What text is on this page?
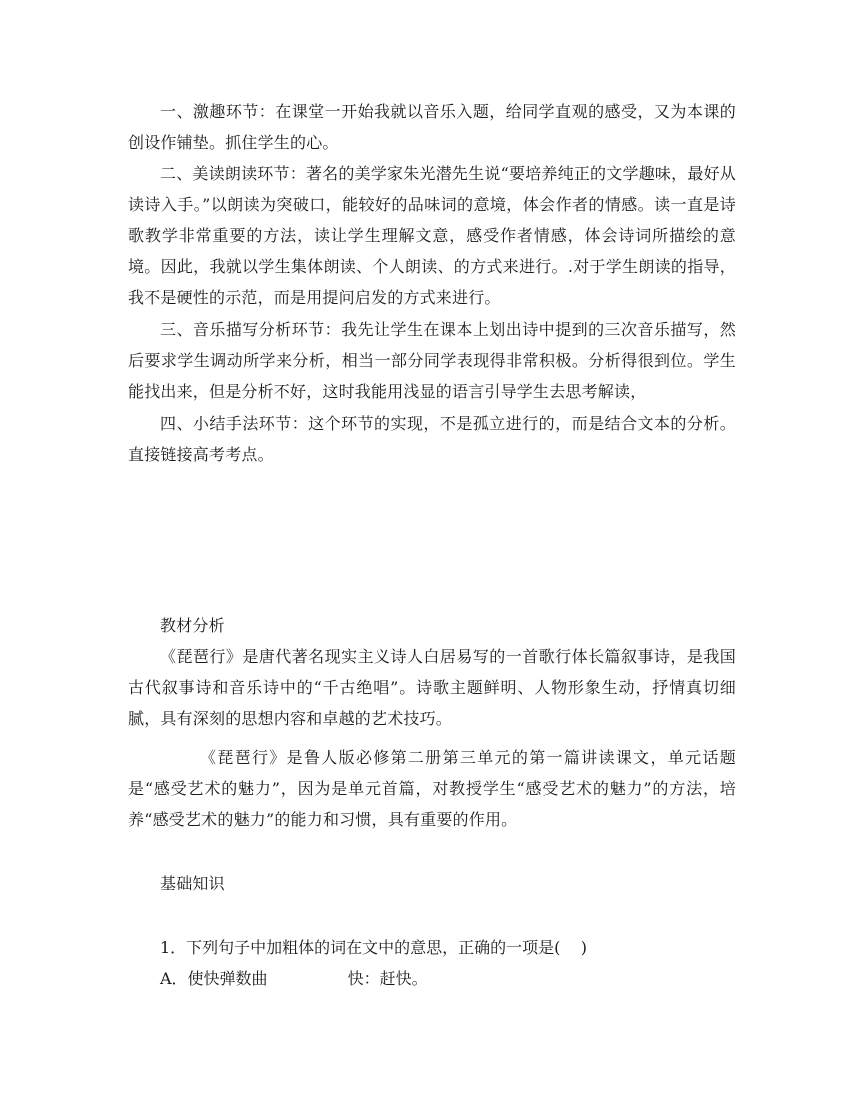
一、激趣环节：在课堂一开始我就以音乐入题，给同学直观的感受，又为本课的创设作铺垫。抓住学生的心。

二、美读朗读环节：著名的美学家朱光潜先生说“要培养纯正的文学趣味，最好从读诗入手。”以朗读为突破口，能较好的品味词的意境，体会作者的情感。读一直是诗歌教学非常重要的方法，读让学生理解文意，感受作者情感，体会诗词所描绘的意境。因此，我就以学生集体朗读、个人朗读、的方式来进行。.对于学生朗读的指导，我不是硬性的示范，而是用提问启发的方式来进行。

三、音乐描写分析环节：我先让学生在课本上划出诗中提到的三次音乐描写，然后要求学生调动所学来分析，相当一部分同学表现得非常积极。分析得很到位。学生能找出来，但是分析不好，这时我能用浅显的语言引导学生去思考解读，

四、小结手法环节：这个环节的实现，不是孤立进行的，而是结合文本的分析。直接链接高考考点。

教材分析

《琵琶行》是唐代著名现实主义诗人白居易写的一首歌行体长篇叙事诗，是我国古代叙事诗和音乐诗中的“千古绝唱”。诗歌主题鲜明、人物形象生动，抒情真切细腻，具有深刻的思想内容和卓越的艺术技巧。

《琵琶行》是鲁人版必修第二册第三单元的第一篇讲读课文，单元话题是“感受艺术的魅力”，因为是单元首篇，对教授学生“感受艺术的魅力”的方法，培养“感受艺术的魅力”的能力和习惯，具有重要的作用。

基础知识

1．下列句子中加粗体的词在文中的意思，正确的一项是(    )

A．使快弹数曲	快：赶快。
